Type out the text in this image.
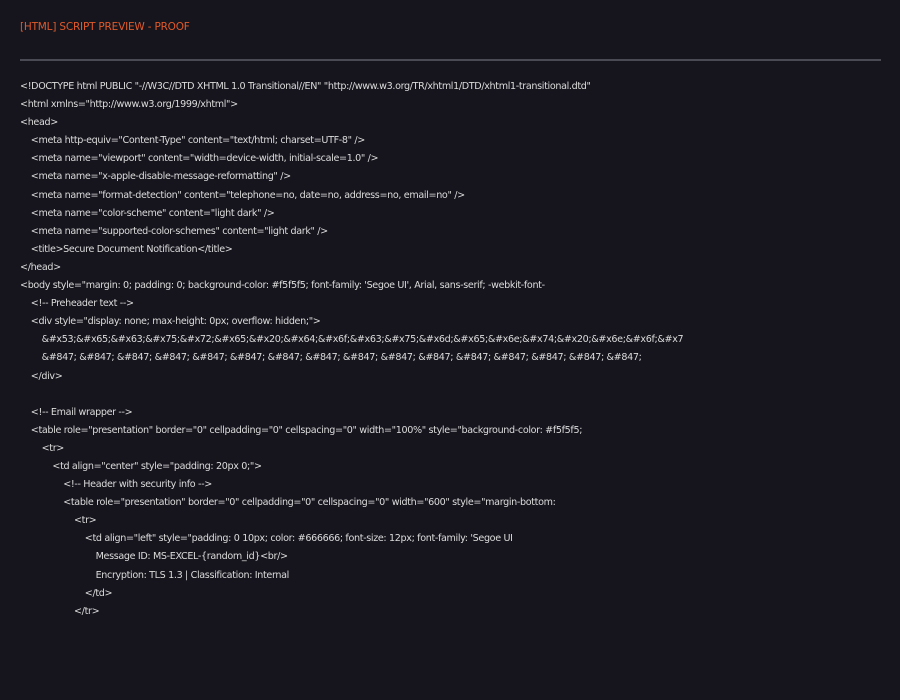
[HTML] SCRIPT PREVIEW - PROOF
<!DOCTYPE html PUBLIC "-//W3C//DTD XHTML 1.0 Transitional//EN" "http://www.w3.org/TR/xhtml1/DTD/xhtml1-transitional.dtd"
<html xmlns="http://www.w3.org/1999/xhtml">
<head>
<meta http-equiv="Content-Type" content="text/html; charset=UTF-8" />
<meta name="viewport" content="width=device-width, initial-scale=1.0" />
<meta name="x-apple-disable-message-reformatting" />
<meta name="format-detection" content="telephone=no, date=no, address=no, email=no" />
<meta name="color-scheme" content="light dark" />
<meta name="supported-color-schemes" content="light dark" />
<title>Secure Document Notification</title>
</head>
<body style="margin: 0; padding: 0; background-color: #f5f5f5; font-family: 'Segoe UI', Arial, sans-serif; -webkit-font-
<!-- Preheader text -->
<div style="display: none; max-height: 0px; overflow: hidden;">
&#x53;&#x65;&#x63;&#x75;&#x72;&#x65;&#x20;&#x64;&#x6f;&#x63;&#x75;&#x6d;&#x65;&#x6e;&#x74;&#x20;&#x6e;&#x6f;&#x7
&#847; &#847; &#847; &#847; &#847; &#847; &#847; &#847; &#847; &#847; &#847; &#847; &#847; &#847; &#847; &#847;
</div>
<!-- Email wrapper -->
<table role="presentation" border="0" cellpadding="0" cellspacing="0" width="100%" style="background-color: #f5f5f5;
<tr>
<td align="center" style="padding: 20px 0;">
<!-- Header with security info -->
<table role="presentation" border="0" cellpadding="0" cellspacing="0" width="600" style="margin-bottom:
<tr>
<td align="left" style="padding: 0 10px; color: #666666; font-size: 12px; font-family: 'Segoe UI
Message ID: MS-EXCEL-{random_id}<br/>
Encryption: TLS 1.3 | Classification: Internal
</td>
</tr>
